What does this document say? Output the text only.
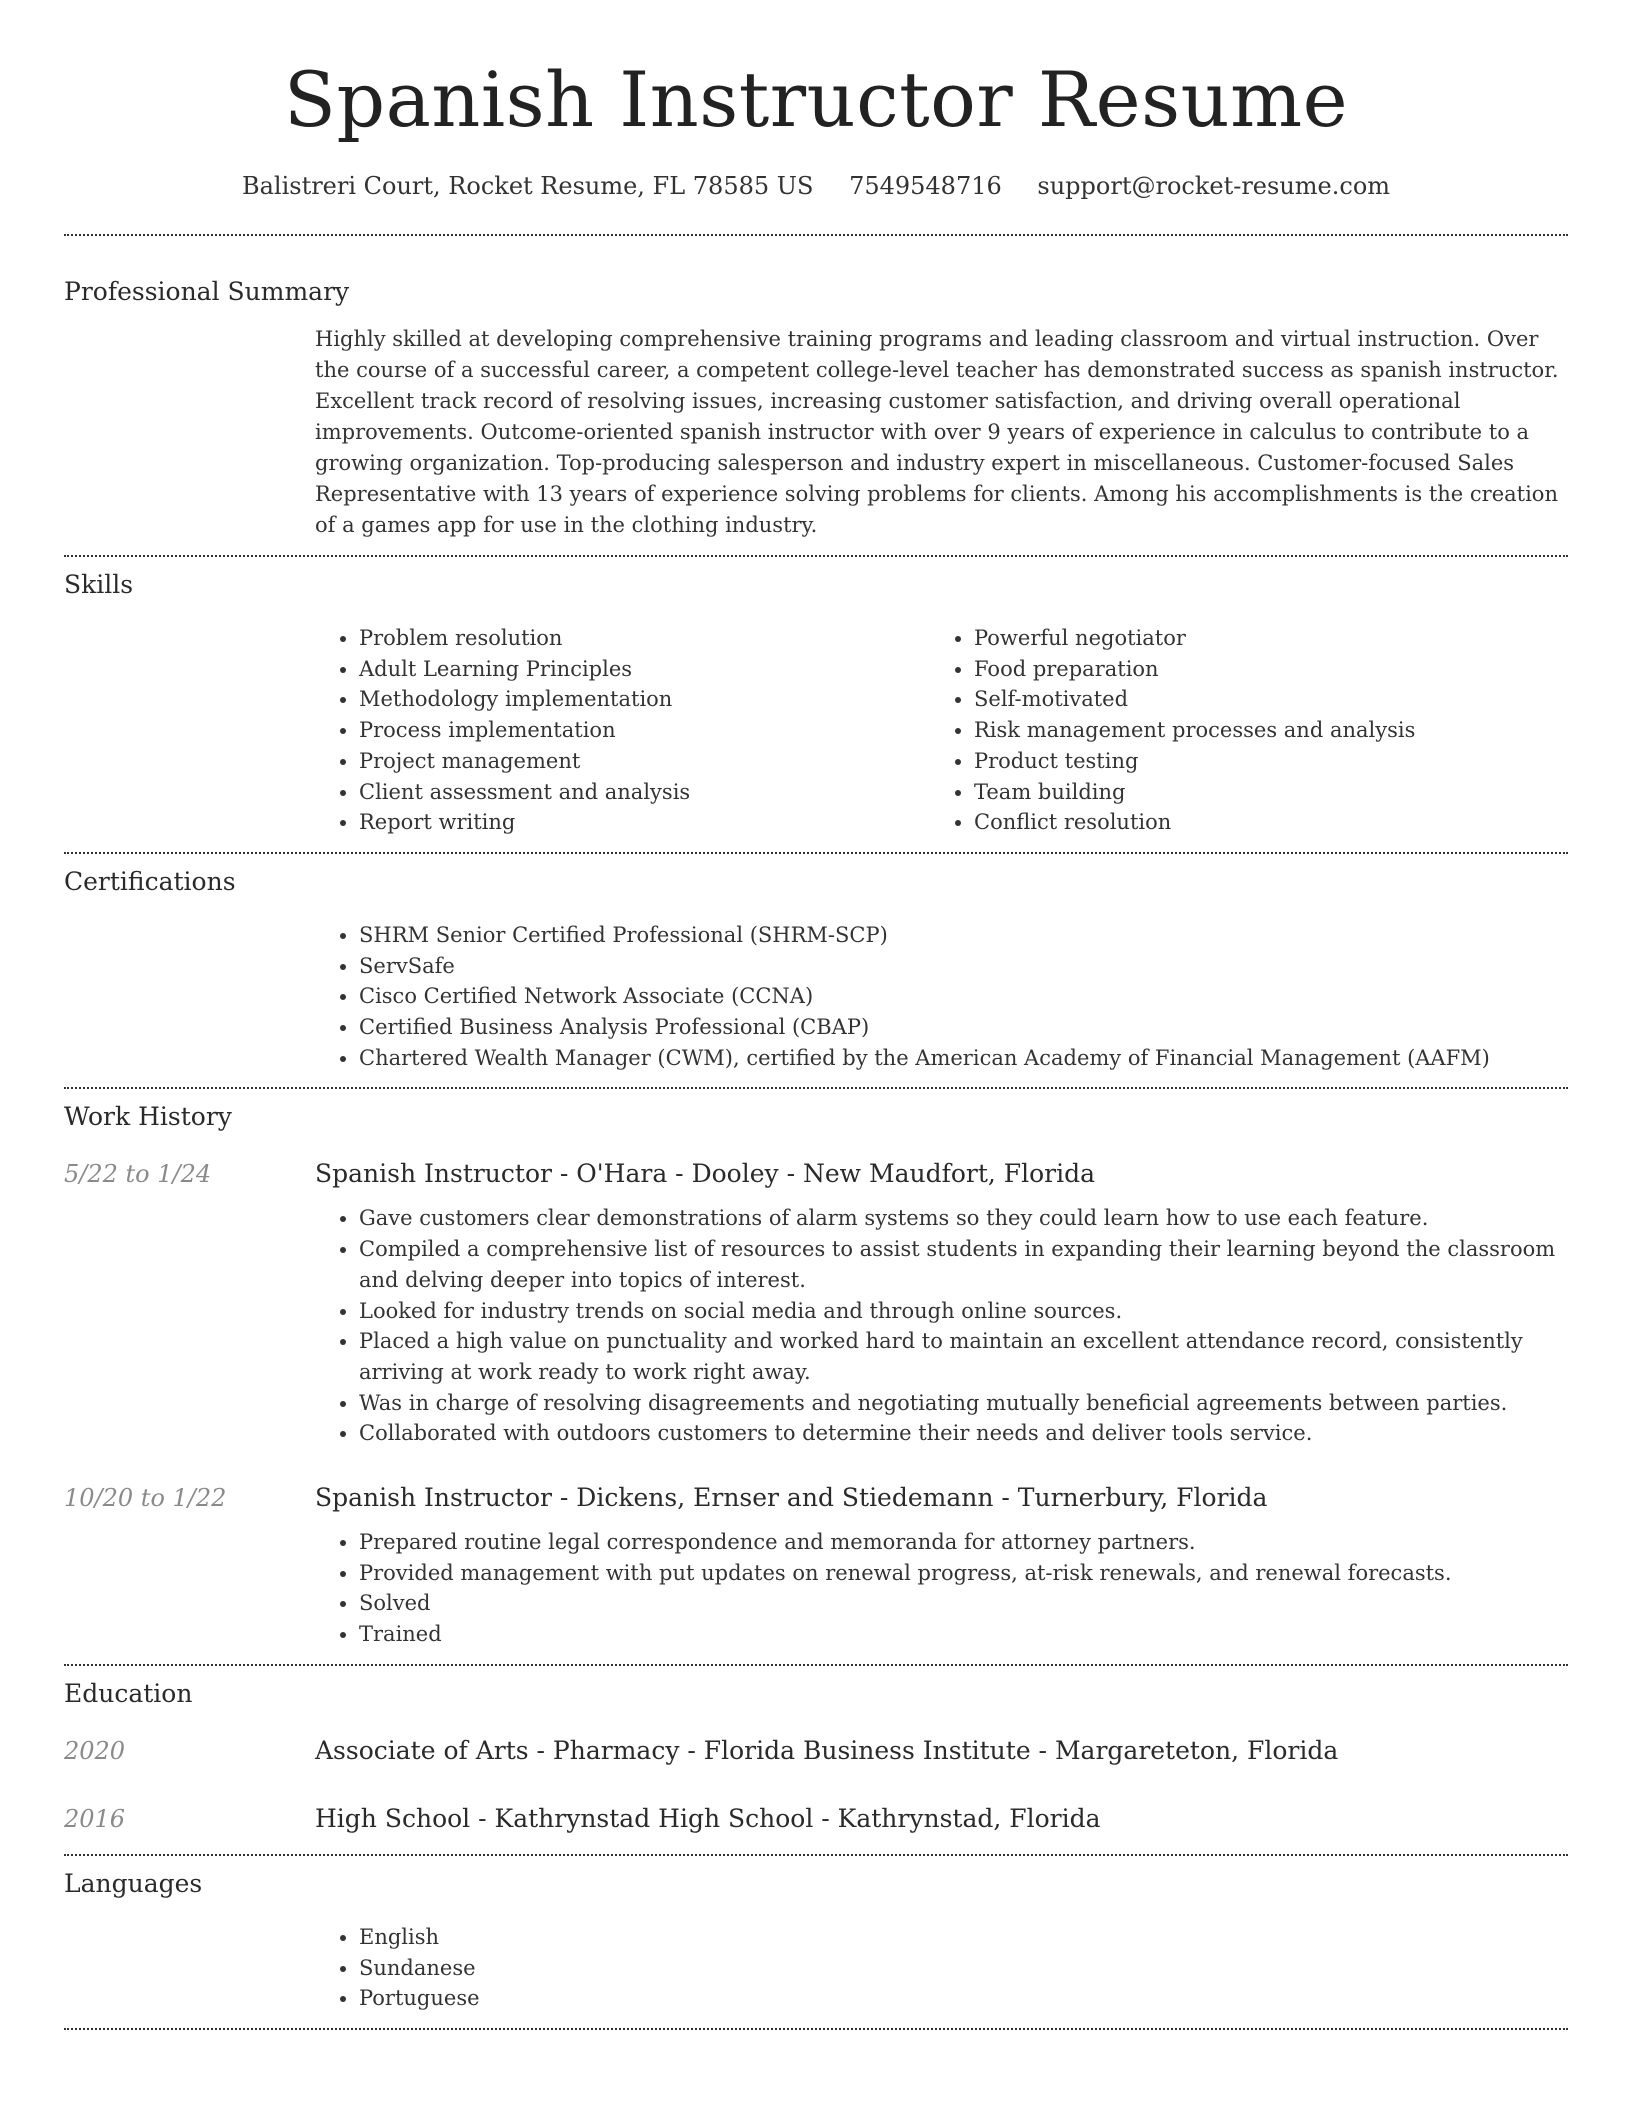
Spanish Instructor Resume
Balistreri Court, Rocket Resume, FL 78585 US 7549548716 support@rocket-resume.com
Professional Summary

Highly skilled at developing comprehensive training programs and leading classroom and virtual instruction. Over the course of a successful career, a competent college-level teacher has demonstrated success as spanish instructor. Excellent track record of resolving issues, increasing customer satisfaction, and driving overall operational improvements. Outcome-oriented spanish instructor with over 9 years of experience in calculus to contribute to a growing organization. Top-producing salesperson and industry expert in miscellaneous. Customer-focused Sales Representative with 13 years of experience solving problems for clients. Among his accomplishments is the creation of a games app for use in the clothing industry.

Skills
• Problem resolution
• Adult Learning Principles
• Methodology implementation
• Process implementation
• Project management
• Client assessment and analysis
• Report writing
• Powerful negotiator
• Food preparation
• Self-motivated
• Risk management processes and analysis
• Product testing
• Team building
• Conflict resolution
Certifications
• SHRM Senior Certified Professional (SHRM-SCP)
• ServSafe
• Cisco Certified Network Associate (CCNA)
• Certified Business Analysis Professional (CBAP)
• Chartered Wealth Manager (CWM), certified by the American Academy of Financial Management (AAFM)
Work History
5/22 to 1/24	Spanish Instructor - O'Hara - Dooley - New Maudfort, Florida
• Gave customers clear demonstrations of alarm systems so they could learn how to use each feature.
• Compiled a comprehensive list of resources to assist students in expanding their learning beyond the classroom and delving deeper into topics of interest.
• Looked for industry trends on social media and through online sources.
• Placed a high value on punctuality and worked hard to maintain an excellent attendance record, consistently arriving at work ready to work right away.
• Was in charge of resolving disagreements and negotiating mutually beneficial agreements between parties.
• Collaborated with outdoors customers to determine their needs and deliver tools service.
10/20 to 1/22	Spanish Instructor - Dickens, Ernser and Stiedemann - Turnerbury, Florida
• Prepared routine legal correspondence and memoranda for attorney partners.
• Provided management with put updates on renewal progress, at-risk renewals, and renewal forecasts.
• Solved
• Trained
Education
2020	Associate of Arts - Pharmacy - Florida Business Institute - Margareteton, Florida
2016	High School - Kathrynstad High School - Kathrynstad, Florida
Languages
• English
• Sundanese
• Portuguese
